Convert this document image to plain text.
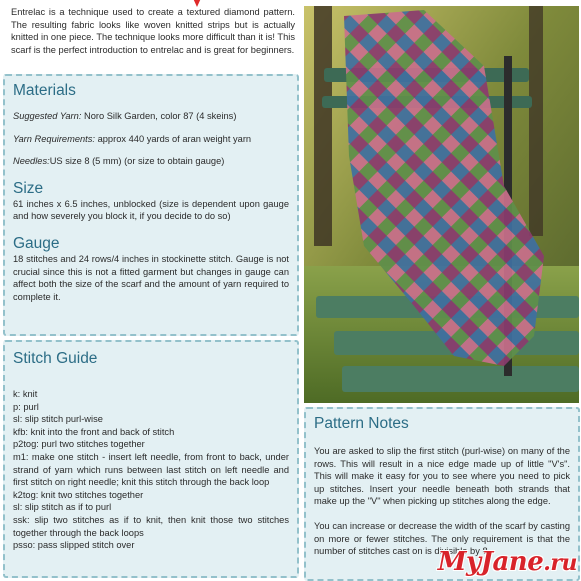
Entrelac is a technique used to create a textured diamond pattern. The resulting fabric looks like woven knitted strips but is actually knitted in one piece. The technique looks more difficult than it is! This scarf is the perfect introduction to entrelac and is great for beginners.
Materials

Suggested Yarn: Noro Silk Garden, color 87 (4 skeins)

Yarn Requirements: approx 440 yards of aran weight yarn

Needles:US size 8 (5 mm) (or size to obtain gauge)

Size

61 inches x 6.5 inches, unblocked (size is dependent upon gauge and how severely you block it, if you decide to do so)

Gauge

18 stitches and 24 rows/4 inches in stockinette stitch. Gauge is not crucial since this is not a fitted garment but changes in gauge can affect both the size of the scarf and the amount of yarn required to complete it.

Stitch Guide

k: knit

p: purl

sl: slip stitch purl-wise

kfb: knit into the front and back of stitch

p2tog: purl two stitches together

m1: make one stitch - insert left needle, from front to back, under strand of yarn which runs between last stitch on left needle and first stitch on right needle; knit this stitch through the back loop

k2tog: knit two stitches together

sl: slip stitch as if to purl

ssk: slip two stitches as if to knit, then knit those two stitches together through the back loops

psso: pass slipped stitch over

Pattern Notes

You are asked to slip the first stitch (purl-wise) on many of the rows. This will result in a nice edge made up of little "V's". This will make it easy for you to see where you need to pick up stitches. Insert your needle beneath both strands that make up the "V" when picking up stitches along the edge.

You can increase or decrease the width of the scarf by casting on more or fewer stitches. The only requirement is that the number of stitches cast on is divisible by 8.

MyJane.ru
